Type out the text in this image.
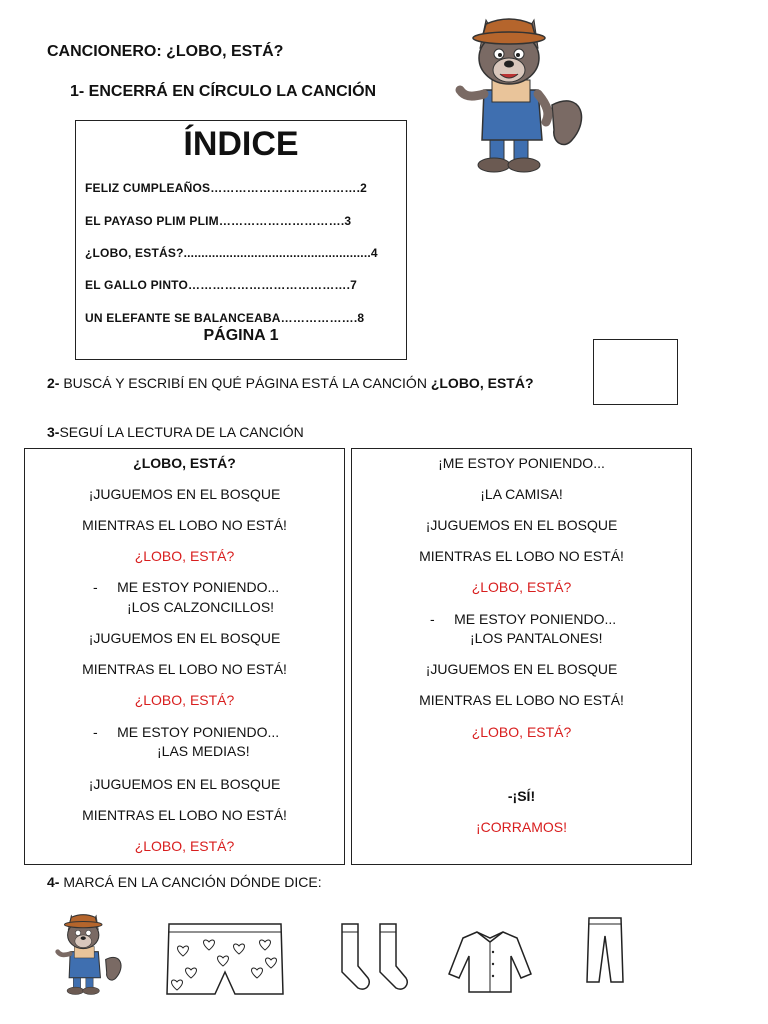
CANCIONERO: ¿LOBO, ESTÁ?
1- ENCERRÁ EN CÍRCULO LA CANCIÓN
ÍNDICE
FELIZ CUMPLEAÑOS……………………………….2
EL PAYASO PLIM PLIM………………………….3
¿LOBO, ESTÁS?.....................................................4
EL GALLO PINTO………………………………….7
UN ELEFANTE SE BALANCEABA……………….8
PÁGINA 1
2- BUSCÁ Y ESCRIBÍ EN QUÉ PÁGINA ESTÁ LA CANCIÓN ¿LOBO, ESTÁ?
3-SEGUÍ LA LECTURA DE LA CANCIÓN
¿LOBO, ESTÁ?
¡JUGUEMOS EN EL BOSQUE
MIENTRAS EL LOBO NO ESTÁ!
¿LOBO, ESTÁ?
-     ME ESTOY PONIENDO...
¡LOS CALZONCILLOS!
¡JUGUEMOS EN EL BOSQUE
MIENTRAS EL LOBO NO ESTÁ!
¿LOBO, ESTÁ?
-     ME ESTOY PONIENDO...
¡LAS MEDIAS!
¡JUGUEMOS EN EL BOSQUE
MIENTRAS EL LOBO NO ESTÁ!
¿LOBO, ESTÁ?
¡ME ESTOY PONIENDO...
¡LA CAMISA!
¡JUGUEMOS EN EL BOSQUE
MIENTRAS EL LOBO NO ESTÁ!
¿LOBO, ESTÁ?
-     ME ESTOY PONIENDO...
¡LOS PANTALONES!
¡JUGUEMOS EN EL BOSQUE
MIENTRAS EL LOBO NO ESTÁ!
¿LOBO, ESTÁ?
-¡SÍ!
¡CORRAMOS!
4- MARCÁ EN LA CANCIÓN DÓNDE DICE:
